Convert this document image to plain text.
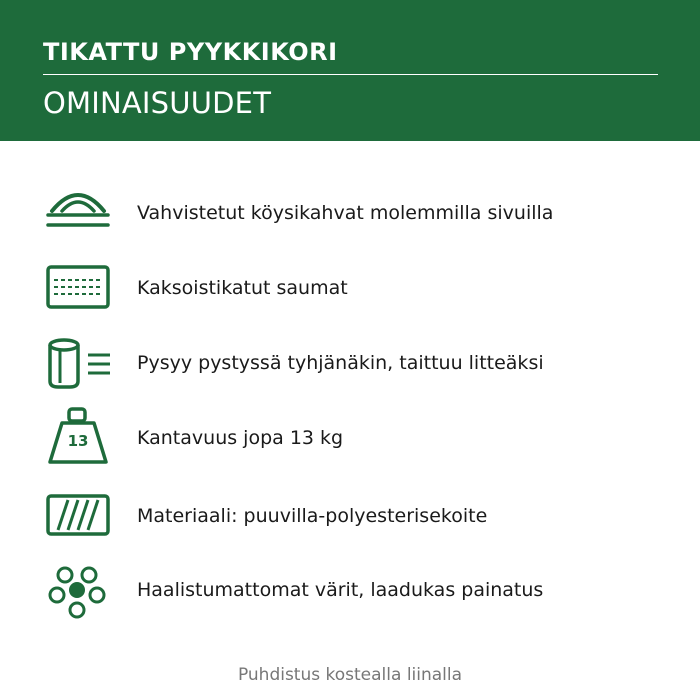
TIKATTU PYYKKIKORI
OMINAISUUDET
Vahvistetut köysikahvat molemmilla sivuilla
Kaksoistikatut saumat
Pysyy pystyssä tyhjänäkin, taittuu litteäksi
13	Kantavuus jopa 13 kg
Materiaali: puuvilla-polyesterisekoite
Haalistumattomat värit, laadukas painatus
Puhdistus kostealla liinalla
